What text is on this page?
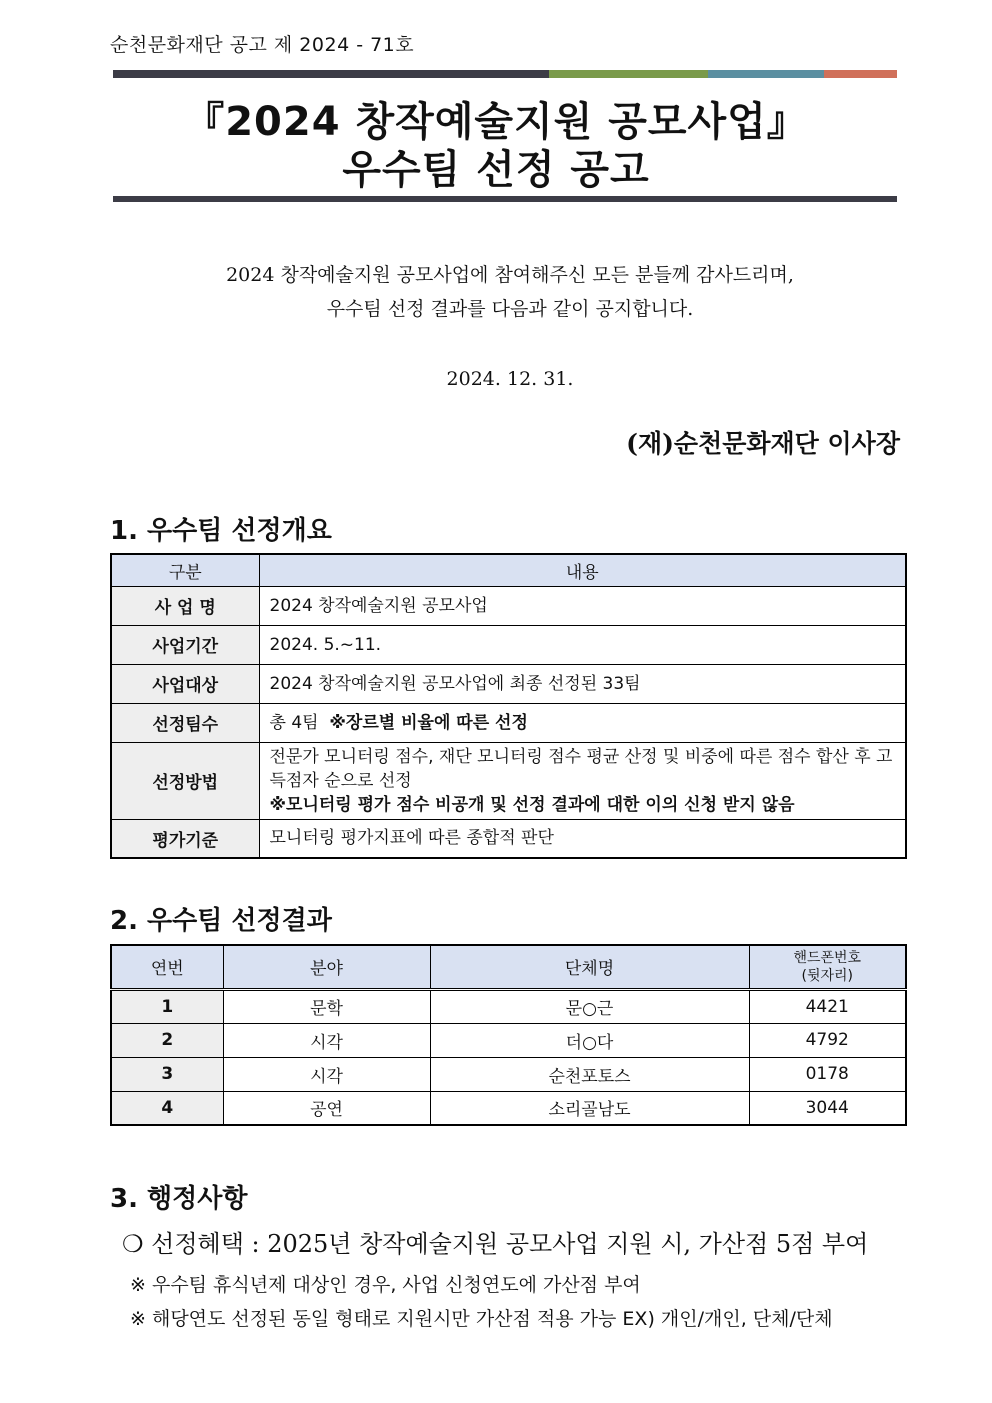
순천문화재단 공고 제 2024 - 71호
『2024 창작예술지원 공모사업』
우수팀 선정 공고
2024 창작예술지원 공모사업에 참여해주신 모든 분들께 감사드리며,
우수팀 선정 결과를 다음과 같이 공지합니다.
2024. 12. 31.
(재)순천문화재단 이사장
1. 우수팀 선정개요
구분	내용
사 업 명	2024 창작예술지원 공모사업
사업기간	2024. 5.~11.
사업대상	2024 창작예술지원 공모사업에 최종 선정된 33팀
선정팀수	총 4팀 ※장르별 비율에 따른 선정
선정방법	전문가 모니터링 점수, 재단 모니터링 점수 평균 산정 및 비중에 따른 점수 합산 후 고득점자 순으로 선정
※모니터링 평가 점수 비공개 및 선정 결과에 대한 이의 신청 받지 않음

평가기준	모니터링 평가지표에 따른 종합적 판단
2. 우수팀 선정결과
연번	분야	단체명	핸드폰번호
(뒷자리)

1	문학	문○근	4421
2	시각	더○다	4792
3	시각	순천포토스	0178
4	공연	소리골남도	3044
3. 행정사항
❍ 선정혜택 : 2025년 창작예술지원 공모사업 지원 시, 가산점 5점 부여
※ 우수팀 휴식년제 대상인 경우, 사업 신청연도에 가산점 부여
※ 해당연도 선정된 동일 형태로 지원시만 가산점 적용 가능 EX) 개인/개인, 단체/단체
